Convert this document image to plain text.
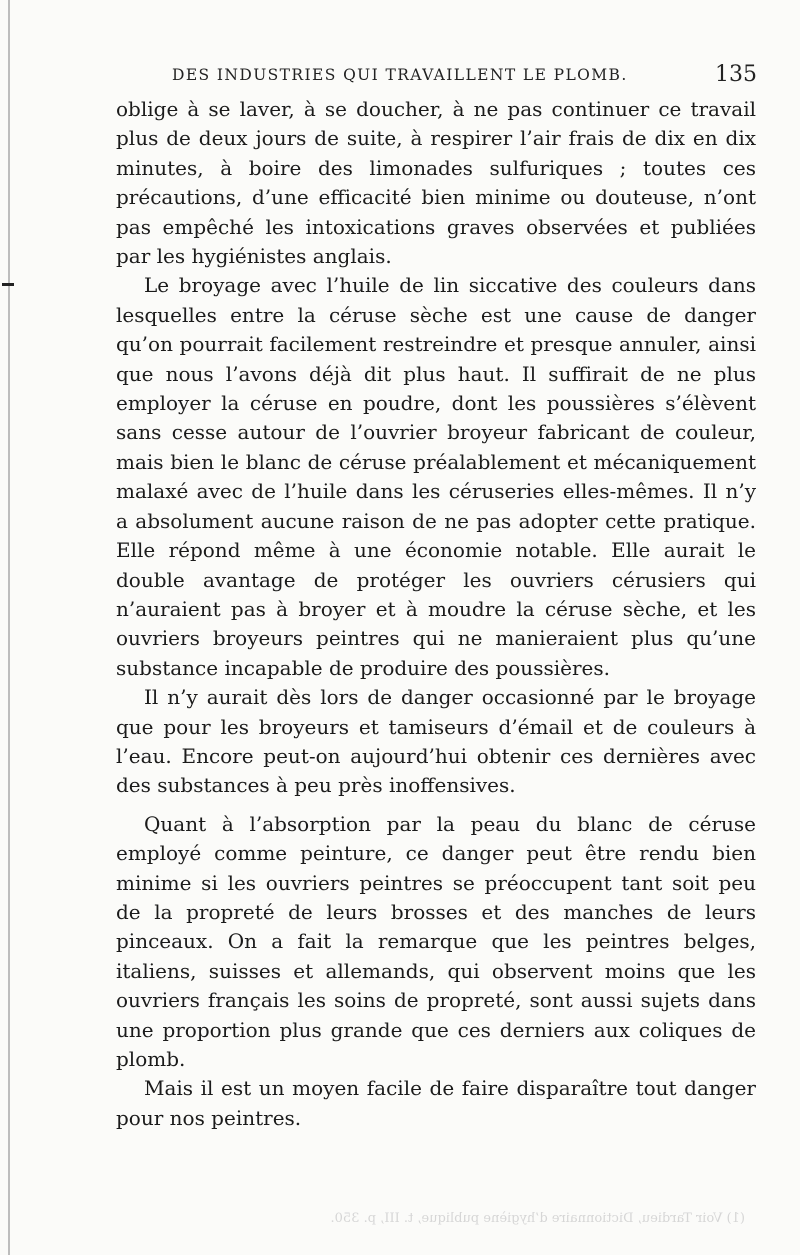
DES INDUSTRIES QUI TRAVAILLENT LE PLOMB.	135

oblige à se laver, à se doucher, à ne pas continuer ce travail plus de deux jours de suite, à respirer l’air frais de dix en dix minutes, à boire des limonades sulfuriques ; toutes ces précautions, d’une efficacité bien minime ou douteuse, n’ont pas empêché les intoxications graves observées et publiées par les hygiénistes anglais.

Le broyage avec l’huile de lin siccative des couleurs dans lesquelles entre la céruse sèche est une cause de danger qu’on pourrait facilement restreindre et presque annuler, ainsi que nous l’avons déjà dit plus haut. Il suffirait de ne plus employer la céruse en poudre, dont les poussières s’élèvent sans cesse autour de l’ouvrier broyeur fabricant de couleur, mais bien le blanc de céruse préalablement et mécaniquement malaxé avec de l’huile dans les céruseries elles-mêmes. Il n’y a absolument aucune raison de ne pas adopter cette pratique. Elle répond même à une économie notable. Elle aurait le double avantage de protéger les ouvriers cérusiers qui n’auraient pas à broyer et à moudre la céruse sèche, et les ouvriers broyeurs peintres qui ne manieraient plus qu’une substance incapable de produire des poussières.

Il n’y aurait dès lors de danger occasionné par le broyage que pour les broyeurs et tamiseurs d’émail et de couleurs à l’eau. Encore peut-on aujourd’hui obtenir ces dernières avec des substances à peu près inoffensives.

Quant à l’absorption par la peau du blanc de céruse employé comme peinture, ce danger peut être rendu bien minime si les ouvriers peintres se préoccupent tant soit peu de la propreté de leurs brosses et des manches de leurs pinceaux. On a fait la remarque que les peintres belges, italiens, suisses et allemands, qui observent moins que les ouvriers français les soins de propreté, sont aussi sujets dans une proportion plus grande que ces derniers aux coliques de plomb.

Mais il est un moyen facile de faire disparaître tout danger pour nos peintres.

(1) Voir Tardieu, Dictionnaire d’hygiène publique, t. III, p. 350.
